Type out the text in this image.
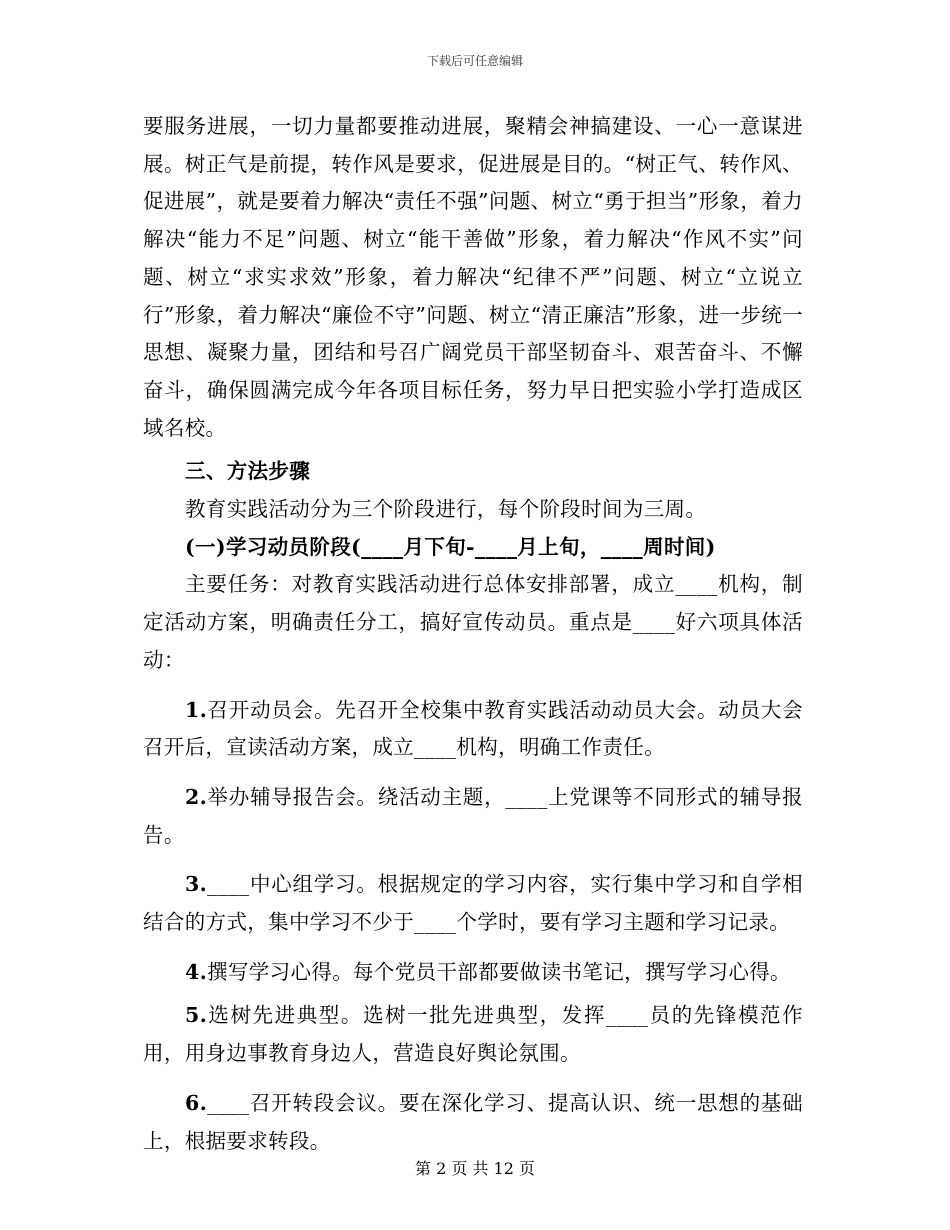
下载后可任意编辑

要服务进展，一切力量都要推动进展，聚精会神搞建设、一心一意谋进展。树正气是前提，转作风是要求，促进展是目的。“树正气、转作风、促进展”，就是要着力解决“责任不强”问题、树立“勇于担当”形象，着力解决“能力不足”问题、树立“能干善做”形象，着力解决“作风不实”问题、树立“求实求效”形象，着力解决“纪律不严”问题、树立“立说立行”形象，着力解决“廉俭不守”问题、树立“清正廉洁”形象，进一步统一思想、凝聚力量，团结和号召广阔党员干部坚韧奋斗、艰苦奋斗、不懈奋斗，确保圆满完成今年各项目标任务，努力早日把实验小学打造成区域名校。

三、方法步骤

教育实践活动分为三个阶段进行，每个阶段时间为三周。

(一)学习动员阶段(____月下旬-____月上旬，____周时间)

主要任务：对教育实践活动进行总体安排部署，成立____机构，制定活动方案，明确责任分工，搞好宣传动员。重点是____好六项具体活动：

1.召开动员会。先召开全校集中教育实践活动动员大会。动员大会召开后，宣读活动方案，成立____机构，明确工作责任。

2.举办辅导报告会。绕活动主题，____上党课等不同形式的辅导报告。

3.____中心组学习。根据规定的学习内容，实行集中学习和自学相结合的方式，集中学习不少于____个学时，要有学习主题和学习记录。

4.撰写学习心得。每个党员干部都要做读书笔记，撰写学习心得。

5.选树先进典型。选树一批先进典型，发挥____员的先锋模范作用，用身边事教育身边人，营造良好舆论氛围。

6.____召开转段会议。要在深化学习、提高认识、统一思想的基础上，根据要求转段。

第 2 页 共 12 页
